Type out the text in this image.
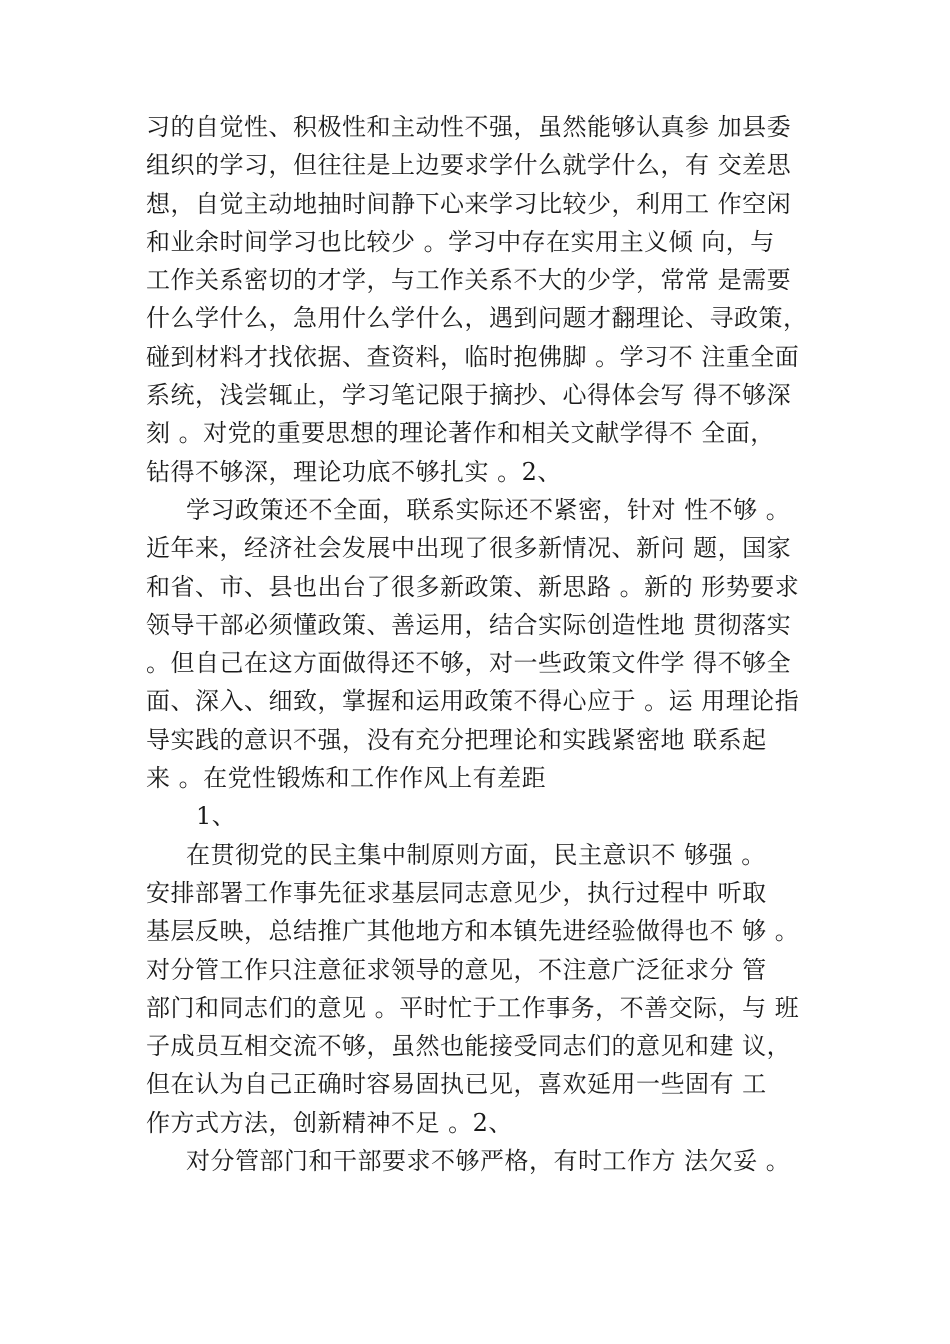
习的自觉性、积极性和主动性不强，虽然能够认真参 加县委
组织的学习，但往往是上边要求学什么就学什么，有 交差思
想，自觉主动地抽时间静下心来学习比较少，利用工 作空闲
和业余时间学习也比较少 。学习中存在实用主义倾 向，与
工作关系密切的才学，与工作关系不大的少学，常常 是需要
什么学什么，急用什么学什么，遇到问题才翻理论、寻政策，
碰到材料才找依据、查资料，临时抱佛脚 。学习不 注重全面
系统，浅尝辄止，学习笔记限于摘抄、心得体会写 得不够深
刻 。对党的重要思想的理论著作和相关文献学得不 全面，
钻得不够深，理论功底不够扎实 。2、
学习政策还不全面，联系实际还不紧密，针对 性不够 。
近年来，经济社会发展中出现了很多新情况、新问 题，国家
和省、市、县也出台了很多新政策、新思路 。新的 形势要求
领导干部必须懂政策、善运用，结合实际创造性地 贯彻落实
。但自己在这方面做得还不够，对一些政策文件学 得不够全
面、深入、细致，掌握和运用政策不得心应于 。运 用理论指
导实践的意识不强，没有充分把理论和实践紧密地 联系起
来 。在党性锻炼和工作作风上有差距
1、
在贯彻党的民主集中制原则方面，民主意识不 够强 。
安排部署工作事先征求基层同志意见少，执行过程中 听取
基层反映，总结推广其他地方和本镇先进经验做得也不 够 。
对分管工作只注意征求领导的意见，不注意广泛征求分 管
部门和同志们的意见 。平时忙于工作事务，不善交际，与 班
子成员互相交流不够，虽然也能接受同志们的意见和建 议，
但在认为自己正确时容易固执已见，喜欢延用一些固有 工
作方式方法，创新精神不足 。2、
对分管部门和干部要求不够严格，有时工作方 法欠妥 。
